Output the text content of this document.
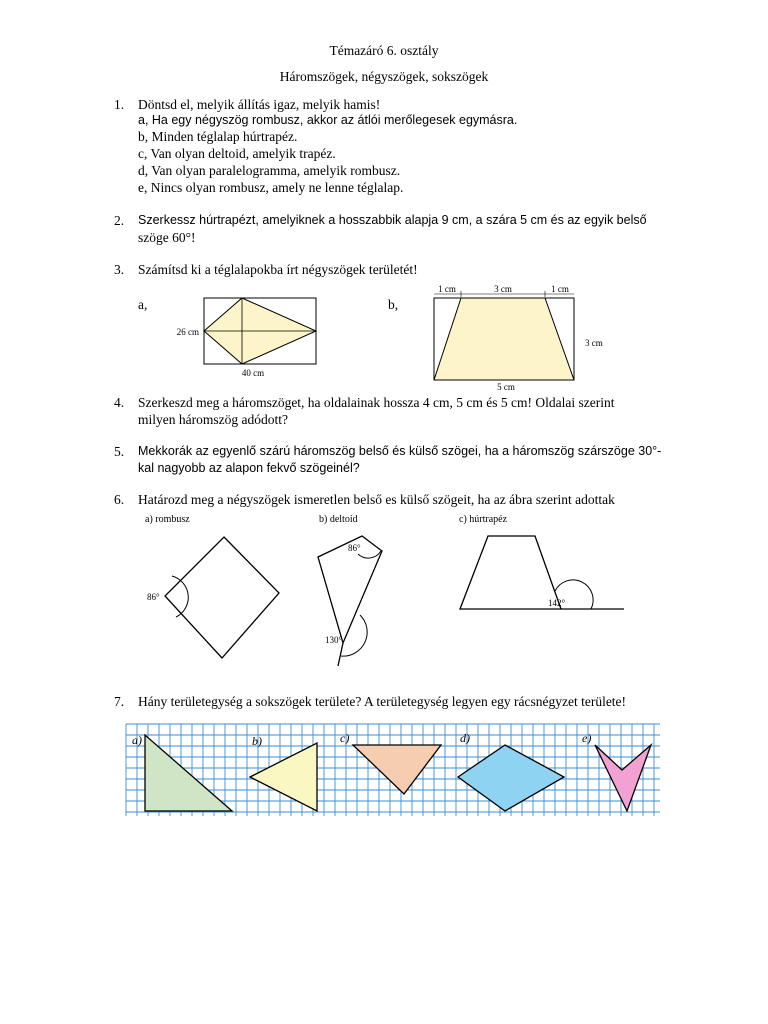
Témazáró 6. osztály
Háromszögek, négyszögek, sokszögek
1. Döntsd el, melyik állítás igaz, melyik hamis!
a, Ha egy négyszög rombusz, akkor az átlói merőlegesek egymásra.
b, Minden téglalap húrtrapéz.
c, Van olyan deltoid, amelyik trapéz.
d, Van olyan paralelogramma, amelyik rombusz.
e, Nincs olyan rombusz, amely ne lenne téglalap.
2. Szerkessz húrtrapézt, amelyiknek a hosszabbik alapja 9 cm, a szára 5 cm és az egyik belső
szöge 60°!
3. Számítsd ki a téglalapokba írt négyszögek területét!
a,	b,
26 cm
40 cm
1 cm	3 cm	1 cm
3 cm
5 cm
4. Szerkeszd meg a háromszöget, ha oldalainak hossza 4 cm, 5 cm és 5 cm! Oldalai szerint
milyen háromszög adódott?
5. Mekkorák az egyenlő szárú háromszög belső és külső szögei, ha a háromszög szárszöge 30°-
kal nagyobb az alapon fekvő szögeinél?
6. Határozd meg a négyszögek ismeretlen belső es külső szögeit, ha az ábra szerint adottak
a) rombusz	b) deltoid	c) húrtrapéz
86°
86°
130°
142°
7. Hány területegység a sokszögek területe? A területegység legyen egy rácsnégyzet területe!
a)	b)	c)	d)	e)
